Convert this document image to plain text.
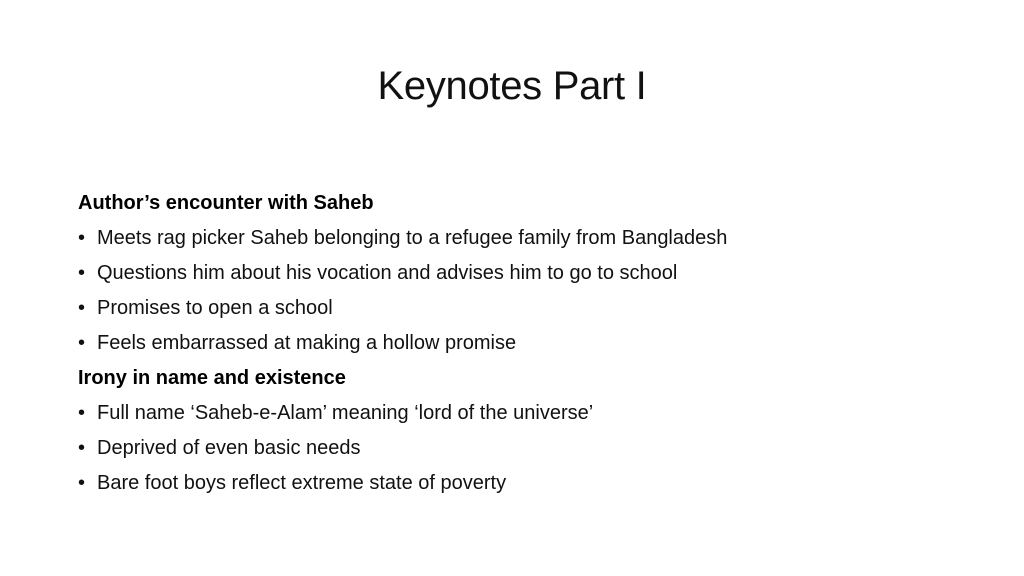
Keynotes Part I
Author’s encounter with Saheb
• Meets rag picker Saheb belonging to a refugee family from Bangladesh
• Questions him about his vocation and advises him to go to school
• Promises to open a school
• Feels embarrassed at making a hollow promise
Irony in name and existence
• Full name ‘Saheb-e-Alam’ meaning ‘lord of the universe’
• Deprived of even basic needs
• Bare foot boys reflect extreme state of poverty
